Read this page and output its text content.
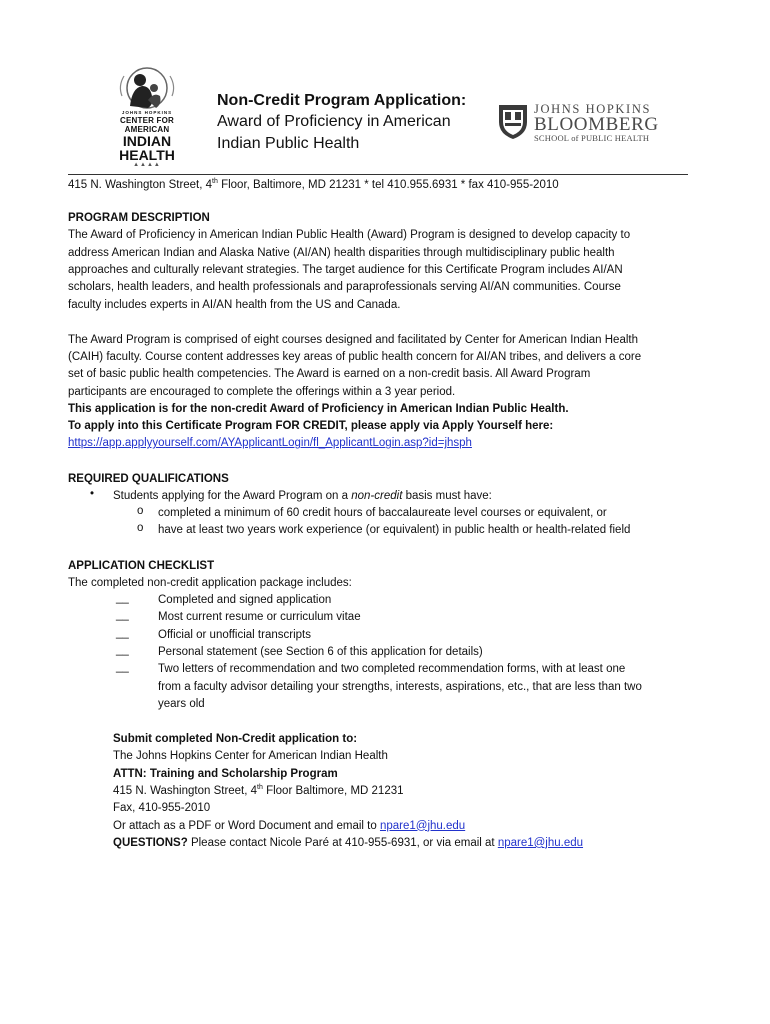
JOHNS HOPKINS
CENTER FOR
AMERICAN
INDIAN
HEALTH
▲▲▲▲
Non-Credit Program Application:
Award of Proficiency in American
Indian Public Health
JOHNS HOPKINS
BLOOMBERG
SCHOOL of PUBLIC HEALTH
415 N. Washington Street, 4th Floor, Baltimore, MD 21231 * tel 410.955.6931 * fax 410-955-2010
PROGRAM DESCRIPTION
The Award of Proficiency in American Indian Public Health (Award) Program is designed to develop capacity to
address American Indian and Alaska Native (AI/AN) health disparities through multidisciplinary public health
approaches and culturally relevant strategies. The target audience for this Certificate Program includes AI/AN
scholars, health leaders, and health professionals and paraprofessionals serving AI/AN communities. Course
faculty includes experts in AI/AN health from the US and Canada.
The Award Program is comprised of eight courses designed and facilitated by Center for American Indian Health
(CAIH) faculty. Course content addresses key areas of public health concern for AI/AN tribes, and delivers a core
set of basic public health competencies. The Award is earned on a non-credit basis. All Award Program
participants are encouraged to complete the offerings within a 3 year period.
This application is for the non-credit Award of Proficiency in American Indian Public Health.
To apply into this Certificate Program FOR CREDIT, please apply via Apply Yourself here:
https://app.applyyourself.com/AYApplicantLogin/fl_ApplicantLogin.asp?id=jhsph
REQUIRED QUALIFICATIONS
• Students applying for the Award Program on a non-credit basis must have:
o completed a minimum of 60 credit hours of baccalaureate level courses or equivalent, or
o have at least two years work experience (or equivalent) in public health or health-related field
APPLICATION CHECKLIST
The completed non-credit application package includes:
__	Completed and signed application
__	Most current resume or curriculum vitae
__	Official or unofficial transcripts
__	Personal statement (see Section 6 of this application for details)
__	Two letters of recommendation and two completed recommendation forms, with at least one
from a faculty advisor detailing your strengths, interests, aspirations, etc., that are less than two
years old
Submit completed Non-Credit application to:
The Johns Hopkins Center for American Indian Health
ATTN: Training and Scholarship Program
415 N. Washington Street, 4th Floor Baltimore, MD 21231
Fax, 410-955-2010
Or attach as a PDF or Word Document and email to npare1@jhu.edu
QUESTIONS? Please contact Nicole Paré at 410-955-6931, or via email at npare1@jhu.edu
